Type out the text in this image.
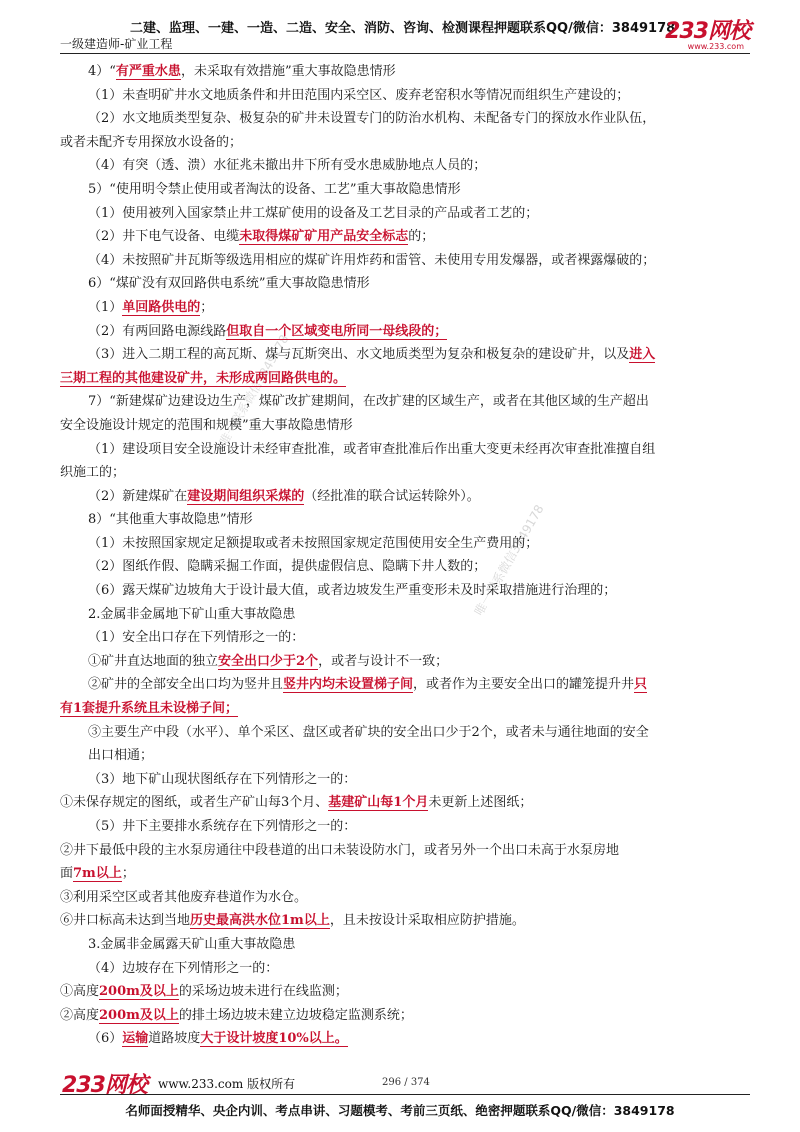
二建、监理、一建、一造、二造、安全、消防、咨询、检测课程押题联系QQ/微信：3849178
一级建造师-矿业工程	233网校
www.233.com
唯一联系微信3849178
唯一联系微信3849178
4）“有严重水患，未采取有效措施”重大事故隐患情形
（1）未查明矿井水文地质条件和井田范围内采空区、废弃老窑积水等情况而组织生产建设的；
（2）水文地质类型复杂、极复杂的矿井未设置专门的防治水机构、未配备专门的探放水作业队伍，
或者未配齐专用探放水设备的；
（4）有突（透、溃）水征兆未撤出井下所有受水患威胁地点人员的；
5）“使用明令禁止使用或者淘汰的设备、工艺”重大事故隐患情形
（1）使用被列入国家禁止井工煤矿使用的设备及工艺目录的产品或者工艺的；
（2）井下电气设备、电缆未取得煤矿矿用产品安全标志的；
（4）未按照矿井瓦斯等级选用相应的煤矿许用炸药和雷管、未使用专用发爆器，或者裸露爆破的；
6）“煤矿没有双回路供电系统”重大事故隐患情形
（1）单回路供电的；
（2）有两回路电源线路但取自一个区域变电所同一母线段的；
（3）进入二期工程的高瓦斯、煤与瓦斯突出、水文地质类型为复杂和极复杂的建设矿井，以及进入
三期工程的其他建设矿井，未形成两回路供电的。
7）“新建煤矿边建设边生产，煤矿改扩建期间，在改扩建的区域生产，或者在其他区域的生产超出
安全设施设计规定的范围和规模”重大事故隐患情形
（1）建设项目安全设施设计未经审查批准，或者审查批准后作出重大变更未经再次审查批准擅自组
织施工的；
（2）新建煤矿在建设期间组织采煤的（经批准的联合试运转除外）。
8）“其他重大事故隐患”情形
（1）未按照国家规定足额提取或者未按照国家规定范围使用安全生产费用的；
（2）图纸作假、隐瞒采掘工作面，提供虚假信息、隐瞒下井人数的；
（6）露天煤矿边坡角大于设计最大值，或者边坡发生严重变形未及时采取措施进行治理的；
2.金属非金属地下矿山重大事故隐患
（1）安全出口存在下列情形之一的：
①矿井直达地面的独立安全出口少于2个，或者与设计不一致；
②矿井的全部安全出口均为竖井且竖井内均未设置梯子间，或者作为主要安全出口的罐笼提升井只
有1套提升系统且未设梯子间；
③主要生产中段（水平）、单个采区、盘区或者矿块的安全出口少于2个，或者未与通往地面的安全
出口相通；
（3）地下矿山现状图纸存在下列情形之一的：
①未保存规定的图纸，或者生产矿山每3个月、基建矿山每1个月未更新上述图纸；
（5）井下主要排水系统存在下列情形之一的：
②井下最低中段的主水泵房通往中段巷道的出口未装设防水门，或者另外一个出口未高于水泵房地
面7m以上；
③利用采空区或者其他废弃巷道作为水仓。
⑥井口标高未达到当地历史最高洪水位1m以上，且未按设计采取相应防护措施。
3.金属非金属露天矿山重大事故隐患
（4）边坡存在下列情形之一的：
①高度200m及以上的采场边坡未进行在线监测；
②高度200m及以上的排土场边坡未建立边坡稳定监测系统；
（6）运输道路坡度大于设计坡度10%以上。
233网校 www.233.com 版权所有	296 / 374
名师面授精华、央企内训、考点串讲、习题模考、考前三页纸、绝密押题联系QQ/微信：3849178
